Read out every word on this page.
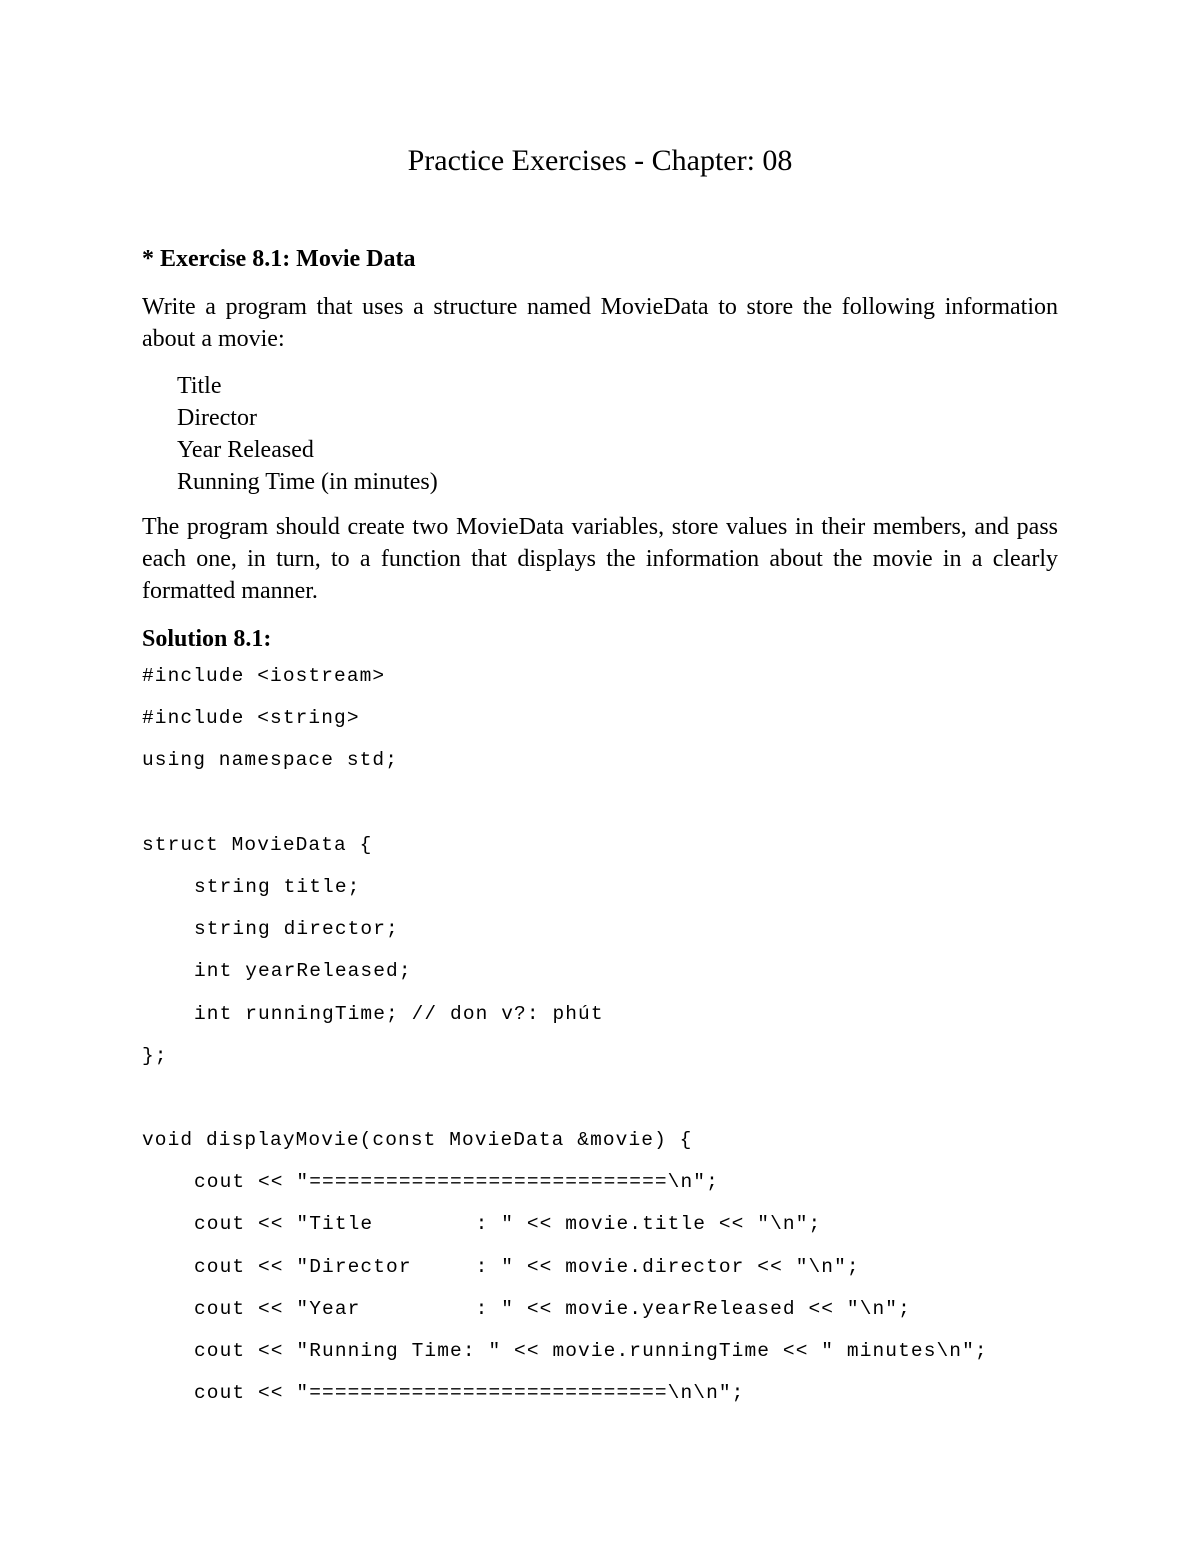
Practice Exercises - Chapter: 08

* Exercise 8.1: Movie Data

Write a program that uses a structure named MovieData to store the following information about a movie:

Title
Director
Year Released
Running Time (in minutes)

The program should create two MovieData variables, store values in their members, and pass each one, in turn, to a function that displays the information about the movie in a clearly formatted manner.

Solution 8.1:

#include <iostream>
#include <string>
using namespace std;
struct MovieData {
string title;
string director;
int yearReleased;
int runningTime; // don v?: phút
};
void displayMovie(const MovieData &movie) {
cout << "============================\n";
cout << "Title        : " << movie.title << "\n";
cout << "Director     : " << movie.director << "\n";
cout << "Year         : " << movie.yearReleased << "\n";
cout << "Running Time: " << movie.runningTime << " minutes\n";
cout << "============================\n\n";
